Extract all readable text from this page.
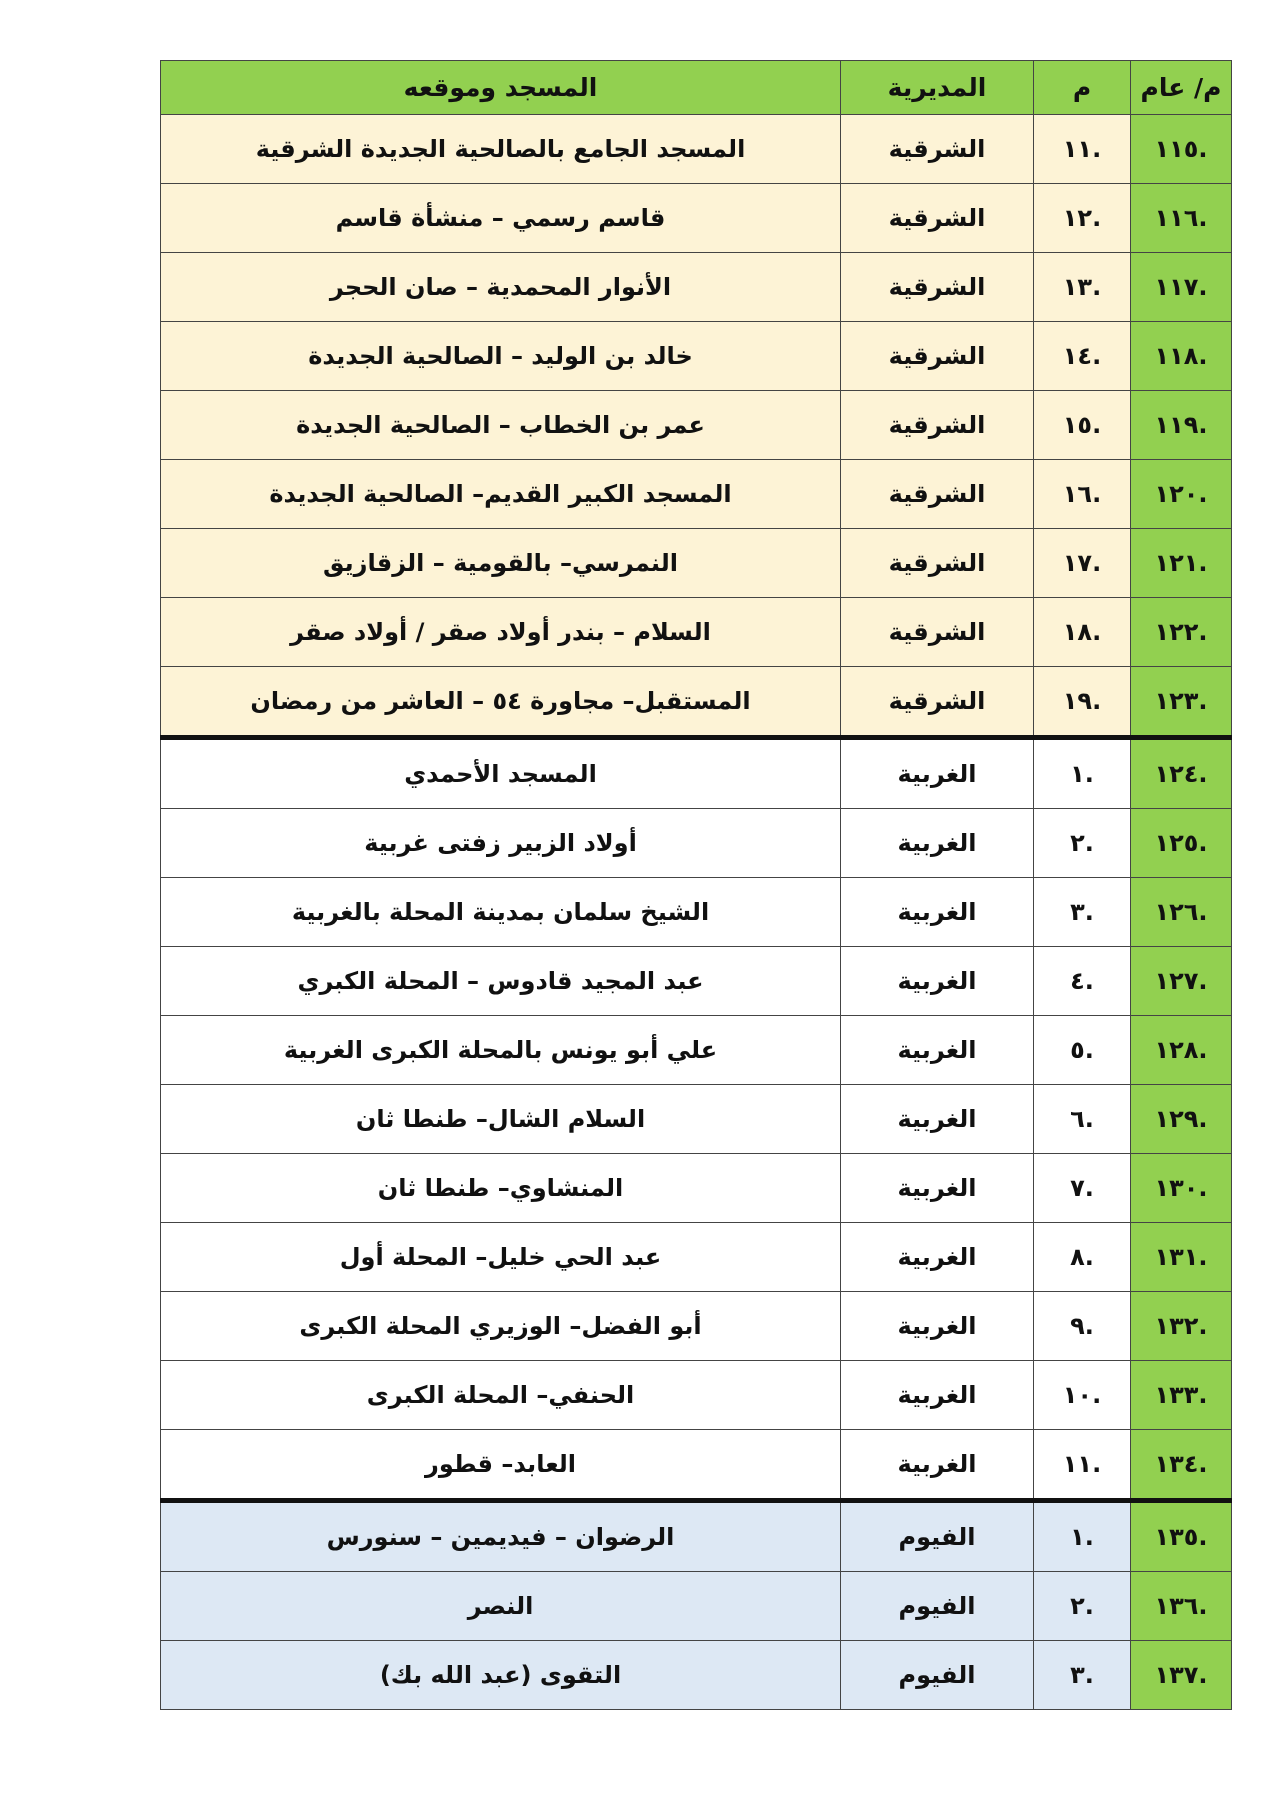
م/ عام	م	المديرية	المسجد وموقعه
.١١٥	.١١	الشرقية	المسجد الجامع بالصالحية الجديدة الشرقية
.١١٦	.١٢	الشرقية	قاسم رسمي – منشأة قاسم
.١١٧	.١٣	الشرقية	الأنوار المحمدية – صان الحجر
.١١٨	.١٤	الشرقية	خالد بن الوليد – الصالحية الجديدة
.١١٩	.١٥	الشرقية	عمر بن الخطاب – الصالحية الجديدة
.١٢٠	.١٦	الشرقية	المسجد الكبير القديم– الصالحية الجديدة
.١٢١	.١٧	الشرقية	النمرسي– بالقومية – الزقازيق
.١٢٢	.١٨	الشرقية	السلام – بندر أولاد صقر / أولاد صقر
.١٢٣	.١٩	الشرقية	المستقبل– مجاورة ٥٤ – العاشر من رمضان
.١٢٤	.١	الغربية	المسجد الأحمدي
.١٢٥	.٢	الغربية	أولاد الزبير زفتى غربية
.١٢٦	.٣	الغربية	الشيخ سلمان بمدينة المحلة بالغربية
.١٢٧	.٤	الغربية	عبد المجيد قادوس – المحلة الكبري
.١٢٨	.٥	الغربية	علي أبو يونس بالمحلة الكبرى الغربية
.١٢٩	.٦	الغربية	السلام الشال– طنطا ثان
.١٣٠	.٧	الغربية	المنشاوي– طنطا ثان
.١٣١	.٨	الغربية	عبد الحي خليل– المحلة أول
.١٣٢	.٩	الغربية	أبو الفضل– الوزيري المحلة الكبرى
.١٣٣	.١٠	الغربية	الحنفي– المحلة الكبرى
.١٣٤	.١١	الغربية	العابد– قطور
.١٣٥	.١	الفيوم	الرضوان – فيديمين – سنورس
.١٣٦	.٢	الفيوم	النصر
.١٣٧	.٣	الفيوم	التقوى (عبد الله بك)
